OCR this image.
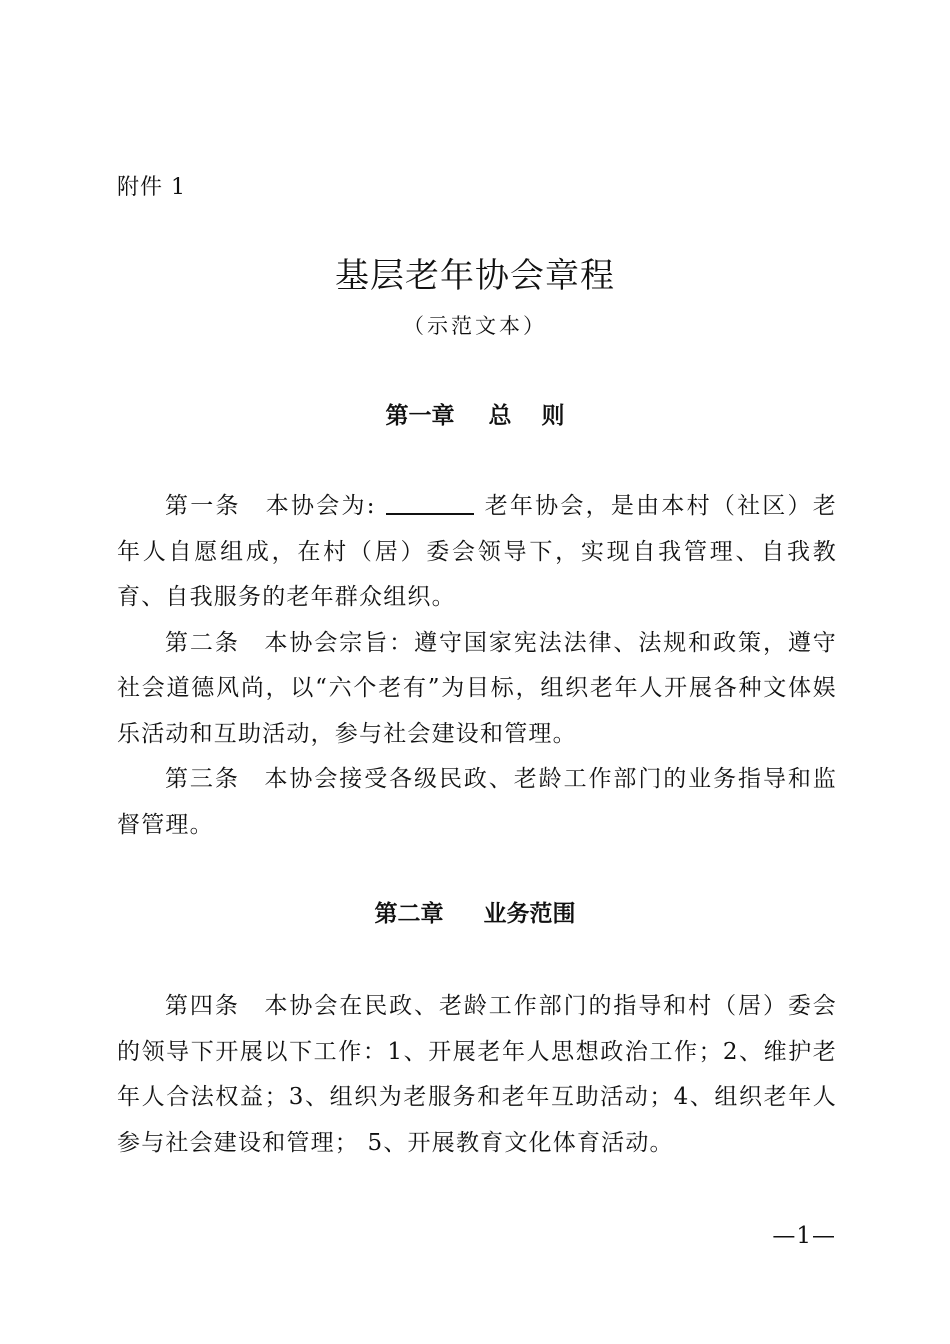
附件 1
基层老年协会章程
（示范文本）
第一章 总 则

第一条 本协会为:	老年协会，是由本村（社区）老年人自愿组成，在村（居）委会领导下，实现自我管理、自我教育、自我服务的老年群众组织。

第二条 本协会宗旨：遵守国家宪法法律、法规和政策，遵守社会道德风尚，以“六个老有”为目标，组织老年人开展各种文体娱乐活动和互助活动，参与社会建设和管理。

第三条 本协会接受各级民政、老龄工作部门的业务指导和监督管理。

第二章 业务范围

第四条 本协会在民政、老龄工作部门的指导和村（居）委会的领导下开展以下工作：1、开展老年人思想政治工作；2、维护老年人合法权益；3、组织为老服务和老年互助活动；4、组织老年人参与社会建设和管理； 5、开展教育文化体育活动。

—1—
